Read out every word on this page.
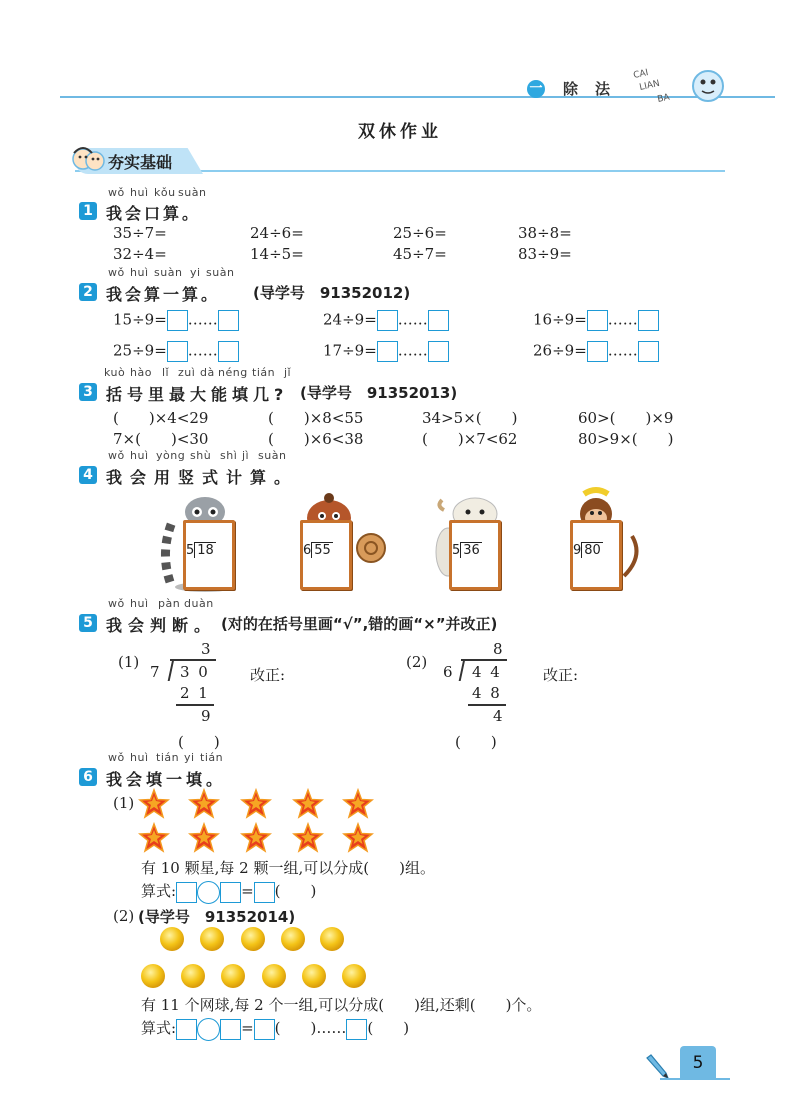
一 除 法
CAI
LIAN
BA
双休作业
夯实基础
wǒ huì kǒu suàn
1 我会口算。
35÷7=	24÷6=	25÷6=	38÷8=
32÷4=	14÷5=	45÷7=	83÷9=
wǒ huì suàn yi suàn
2 我会算一算。 (导学号　91352012)
15÷9= ……	24÷9= ……	16÷9= ……
25÷9= ……	17÷9= ……	26÷9= ……
kuò hào lǐ zuì dà néng tián jǐ
3 括号里最大能填几? (导学号　91352013)
(　　)×4<29	(　　)×8<55	34>5×(　　)	60>(　　)×9
7×(　　)<30	(　　)×6<38	(　　)×7<62	80>9×(　　)
wǒ huì yòng shù shì jì suàn
4 我会用竖式计算。
5 18	6 55	5 36	9 80
wǒ huì pàn duàn
5 我会判断。 (对的在括号里画“√”,错的画“×”并改正)
(1)
3
7 3 0
2 1
9
(　　)
改正:
(2)
8
6 4 4
4 8
4
(　　)
改正:
wǒ huì tián yi tián
6 我会填一填。
(1)
有 10 颗星,每 2 颗一组,可以分成(　　)组。
算式:	= (　　)
(2) (导学号　91352014)
有 11 个网球,每 2 个一组,可以分成(　　)组,还剩(　　)个。
算式:	= (　　)…… (　　)
5
